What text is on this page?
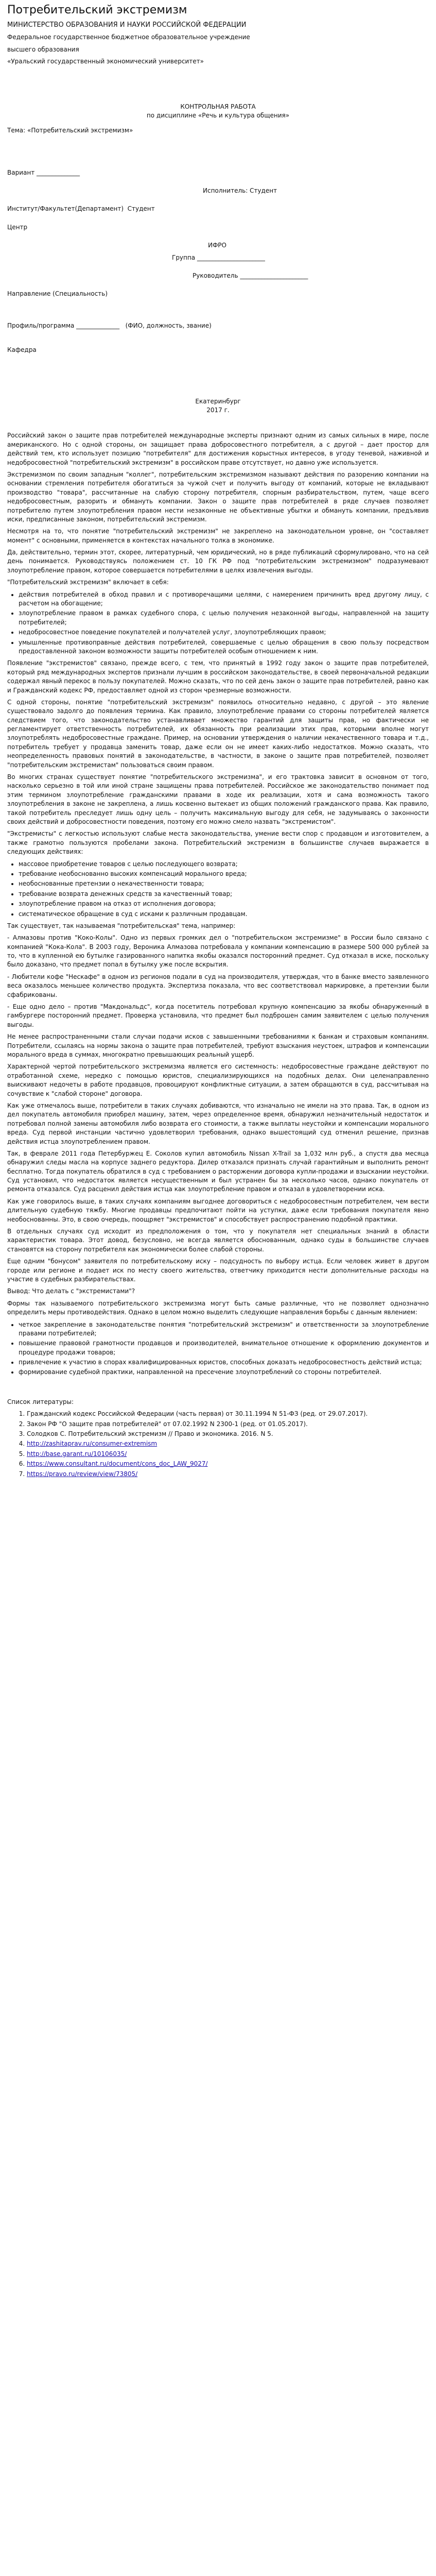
Потребительский экстремизм
МИНИСТЕРСТВО ОБРАЗОВАНИЯ И НАУКИ РОССИЙСКОЙ ФЕДЕРАЦИИ
Федеральное государственное бюджетное образовательное учреждение
высшего образования
«Уральский государственный экономический университет»
КОНТРОЛЬНАЯ РАБОТА
по дисциплине «Речь и культура общения»
Тема: «Потребительский экстремизм»
Вариант ______________
Исполнитель: Студент
Институт/Факультет(Департамент)  Студент
Центр
ИФРО
Группа ______________________
Руководитель ______________________
Направление (Специальность)
Профиль/программа ______________   (ФИО, должность, звание)
Кафедра
Екатеринбург
2017 г.

Российский закон о защите прав потребителей международные эксперты признают одним из самых сильных в мире, после американского. Но с одной стороны, он защищает права добросовестного потребителя, а с другой – дает простор для действий тем, кто использует позицию "потребителя" для достижения корыстных интересов, в угоду теневой, наживной и недобросовестной "потребительский экстремизм" в российском праве отсутствует, но давно уже используется.

Экстремизмом по своим западным "коллег", потребительским экстремизмом называют действия по разорению компании на основании стремления потребителя обогатиться за чужой счет и получить выгоду от компаний, которые не вкладывают производство "товара", рассчитанные на слабую сторону потребителя, спорным разбирательством, путем, чаще всего недобросовестным, разорить и обмануть компании. Закон о защите прав потребителей в ряде случаев позволяет потребителю путем злоупотребления правом нести незаконные не объективные убытки и обмануть компании, предъявив иски, предписанные законом, потребительский экстремизм.

Несмотря на то, что понятие "потребительский экстремизм" не закреплено на законодательном уровне, он "составляет момент" с основными, применяется в контекстах начального толка в экономике.

Да, действительно, термин этот, скорее, литературный, чем юридический, но в ряде публикаций сформулировано, что на сей день понимается. Руководствуясь положением ст. 10 ГК РФ под "потребительским экстремизмом" подразумевают злоупотребление правом, которое совершается потребителями в целях извлечения выгоды.

"Потребительский экстремизм" включает в себя:

• действия потребителей в обход правил и с противоречащими целями, с намерением причинить вред другому лицу, с расчетом на обогащение;
• злоупотребление правом в рамках судебного спора, с целью получения незаконной выгоды, направленной на защиту потребителей;
• недобросовестное поведение покупателей и получателей услуг, злоупотребляющих правом;
• умышленные противоправные действия потребителей, совершаемые с целью обращения в свою пользу посредством предоставленной законом возможности защиты потребителей особым отношением к ним.

Появление "экстремистов" связано, прежде всего, с тем, что принятый в 1992 году закон о защите прав потребителей, который ряд международных экспертов признали лучшим в российском законодательстве, в своей первоначальной редакции содержал явный перекос в пользу покупателей. Можно сказать, что по сей день закон о защите прав потребителей, равно как и Гражданский кодекс РФ, предоставляет одной из сторон чрезмерные возможности.

С одной стороны, понятие "потребительский экстремизм" появилось относительно недавно, с другой – это явление существовало задолго до появления термина. Как правило, злоупотребление правами со стороны потребителей является следствием того, что законодательство устанавливает множество гарантий для защиты прав, но фактически не регламентирует ответственность потребителей, их обязанность при реализации этих прав, которыми вполне могут злоупотреблять недобросовестные граждане. Пример, на основании утверждения о наличии некачественного товара и т.д., потребитель требует у продавца заменить товар, даже если он не имеет каких-либо недостатков. Можно сказать, что неопределенность правовых понятий в законодательстве, в частности, в законе о защите прав потребителей, позволяет "потребительским экстремистам" пользоваться своим правом.

Во многих странах существует понятие "потребительского экстремизма", и его трактовка зависит в основном от того, насколько серьезно в той или иной стране защищены права потребителей. Российское же законодательство понимает под этим термином злоупотребление гражданскими правами в ходе их реализации, хотя и сама возможность такого злоупотребления в законе не закреплена, а лишь косвенно вытекает из общих положений гражданского права. Как правило, такой потребитель преследует лишь одну цель – получить максимальную выгоду для себя, не задумываясь о законности своих действий и добросовестности поведения, поэтому его можно смело назвать "экстремистом".

"Экстремисты" с легкостью используют слабые места законодательства, умение вести спор с продавцом и изготовителем, а также грамотно пользуются пробелами закона. Потребительский экстремизм в большинстве случаев выражается в следующих действиях:

• массовое приобретение товаров с целью последующего возврата;
• требование необоснованно высоких компенсаций морального вреда;
• необоснованные претензии о некачественности товара;
• требование возврата денежных средств за качественный товар;
• злоупотребление правом на отказ от исполнения договора;
• систематическое обращение в суд с исками к различным продавцам.

Так существует, так называемая "потребительская" тема, например:

- Алмазовы против "Коко-Колы". Одно из первых громких дел о "потребительском экстремизме" в России было связано с компанией "Кока-Кола". В 2003 году, Вероника Алмазова потребовала у компании компенсацию в размере 500 000 рублей за то, что в купленной ею бутылке газированного напитка якобы оказался посторонний предмет. Суд отказал в иске, поскольку было доказано, что предмет попал в бутылку уже после вскрытия.

- Любители кофе "Нескафе" в одном из регионов подали в суд на производителя, утверждая, что в банке вместо заявленного веса оказалось меньшее количество продукта. Экспертиза показала, что вес соответствовал маркировке, а претензии были сфабрикованы.

- Еще одно дело – против "Макдональдс", когда посетитель потребовал крупную компенсацию за якобы обнаруженный в гамбургере посторонний предмет. Проверка установила, что предмет был подброшен самим заявителем с целью получения выгоды.

Не менее распространенными стали случаи подачи исков с завышенными требованиями к банкам и страховым компаниям. Потребители, ссылаясь на нормы закона о защите прав потребителей, требуют взыскания неустоек, штрафов и компенсации морального вреда в суммах, многократно превышающих реальный ущерб.

Характерной чертой потребительского экстремизма является его системность: недобросовестные граждане действуют по отработанной схеме, нередко с помощью юристов, специализирующихся на подобных делах. Они целенаправленно выискивают недочеты в работе продавцов, провоцируют конфликтные ситуации, а затем обращаются в суд, рассчитывая на сочувствие к "слабой стороне" договора.

Как уже отмечалось выше, потребители в таких случаях добиваются, что изначально не имели на это права. Так, в одном из дел покупатель автомобиля приобрел машину, затем, через определенное время, обнаружил незначительный недостаток и потребовал полной замены автомобиля либо возврата его стоимости, а также выплаты неустойки и компенсации морального вреда. Суд первой инстанции частично удовлетворил требования, однако вышестоящий суд отменил решение, признав действия истца злоупотреблением правом.

Так, в феврале 2011 года Петербуржец Е. Соколов купил автомобиль Nissan X-Trail за 1,032 млн руб., а спустя два месяца обнаружил следы масла на корпусе заднего редуктора. Дилер отказался признать случай гарантийным и выполнить ремонт бесплатно. Тогда покупатель обратился в суд с требованием о расторжении договора купли-продажи и взыскании неустойки. Суд установил, что недостаток является несущественным и был устранен бы за несколько часов, однако покупатель от ремонта отказался. Суд расценил действия истца как злоупотребление правом и отказал в удовлетворении иска.

Как уже говорилось выше, в таких случаях компаниям выгоднее договориться с недобросовестным потребителем, чем вести длительную судебную тяжбу. Многие продавцы предпочитают пойти на уступки, даже если требования покупателя явно необоснованны. Это, в свою очередь, поощряет "экстремистов" и способствует распространению подобной практики.

В отдельных случаях суд исходит из предположения о том, что у покупателя нет специальных знаний в области характеристик товара. Этот довод, безусловно, не всегда является обоснованным, однако суды в большинстве случаев становятся на сторону потребителя как экономически более слабой стороны.

Еще одним "бонусом" заявителя по потребительскому иску – подсудность по выбору истца. Если человек живет в другом городе или регионе и подает иск по месту своего жительства, ответчику приходится нести дополнительные расходы на участие в судебных разбирательствах.

Вывод: Что делать с "экстремистами"?

Формы так называемого потребительского экстремизма могут быть самые различные, что не позволяет однозначно определить меры противодействия. Однако в целом можно выделить следующие направления борьбы с данным явлением:

• четкое закрепление в законодательстве понятия "потребительский экстремизм" и ответственности за злоупотребление правами потребителей;
• повышение правовой грамотности продавцов и производителей, внимательное отношение к оформлению документов и процедуре продажи товаров;
• привлечение к участию в спорах квалифицированных юристов, способных доказать недобросовестность действий истца;
• формирование судебной практики, направленной на пресечение злоупотреблений со стороны потребителей.
Список литературы:
1. Гражданский кодекс Российской Федерации (часть первая) от 30.11.1994 N 51-ФЗ (ред. от 29.07.2017).
2. Закон РФ "О защите прав потребителей" от 07.02.1992 N 2300-1 (ред. от 01.05.2017).
3. Солодков С. Потребительский экстремизм // Право и экономика. 2016. N 5.
4. http://zashitaprav.ru/consumer-extremism
5. http://base.garant.ru/10106035/
6. https://www.consultant.ru/document/cons_doc_LAW_9027/
7. https://pravo.ru/review/view/73805/
